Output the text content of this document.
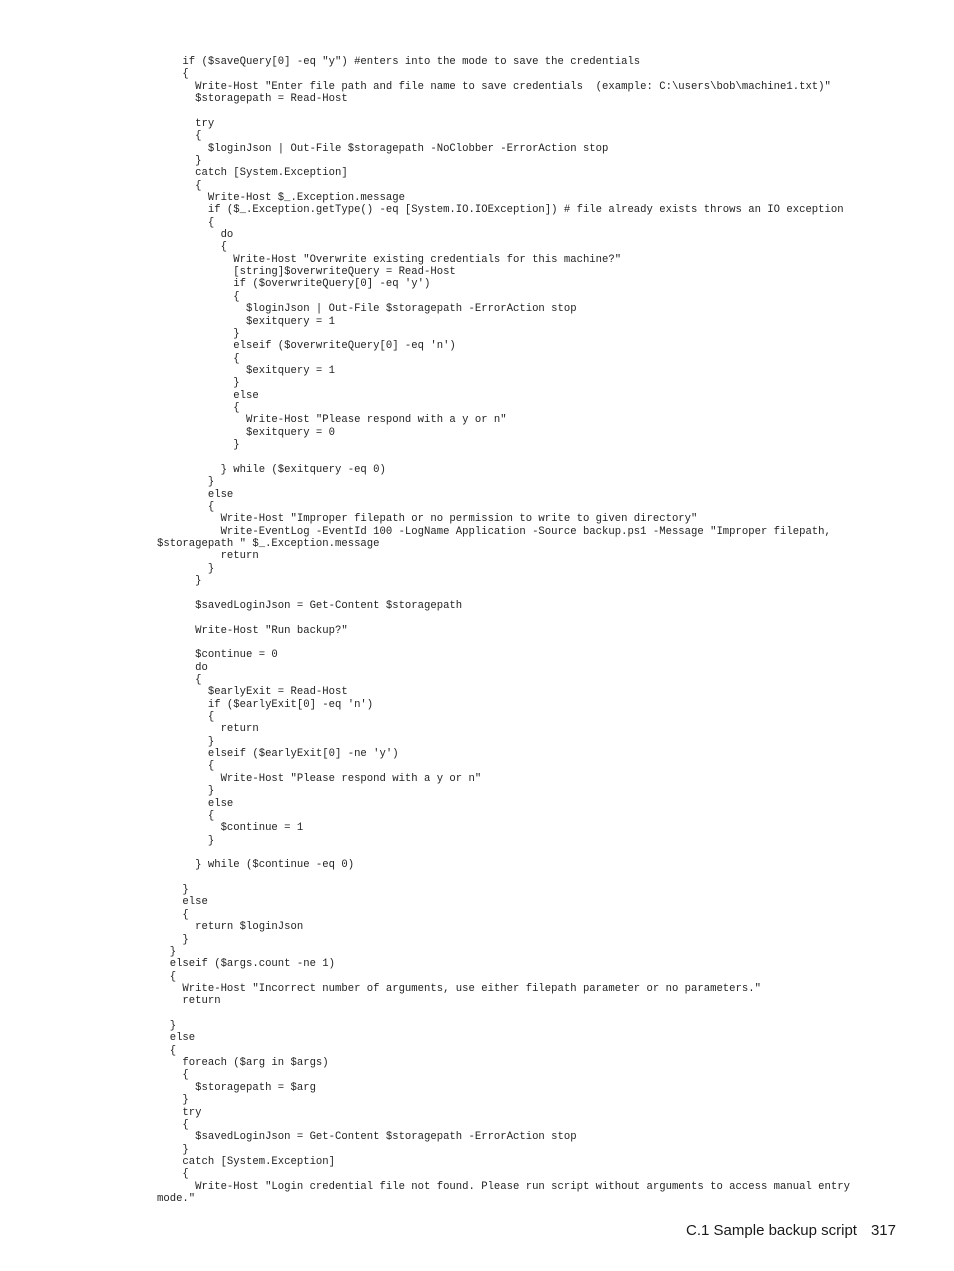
if ($saveQuery[0] -eq "y") #enters into the mode to save the credentials
{
Write-Host "Enter file path and file name to save credentials  (example: C:\users\bob\machine1.txt)"
$storagepath = Read-Host
try
{
$loginJson | Out-File $storagepath -NoClobber -ErrorAction stop
}
catch [System.Exception]
{
Write-Host $_.Exception.message
if ($_.Exception.getType() -eq [System.IO.IOException]) # file already exists throws an IO exception
{
do
{
Write-Host "Overwrite existing credentials for this machine?"
[string]$overwriteQuery = Read-Host
if ($overwriteQuery[0] -eq 'y')
{
$loginJson | Out-File $storagepath -ErrorAction stop
$exitquery = 1
}
elseif ($overwriteQuery[0] -eq 'n')
{
$exitquery = 1
}
else
{
Write-Host "Please respond with a y or n"
$exitquery = 0
}
} while ($exitquery -eq 0)
}
else
{
Write-Host "Improper filepath or no permission to write to given directory"
Write-EventLog -EventId 100 -LogName Application -Source backup.ps1 -Message "Improper filepath,
$storagepath " $_.Exception.message
return
}
}
$savedLoginJson = Get-Content $storagepath
Write-Host "Run backup?"
$continue = 0
do
{
$earlyExit = Read-Host
if ($earlyExit[0] -eq 'n')
{
return
}
elseif ($earlyExit[0] -ne 'y')
{
Write-Host "Please respond with a y or n"
}
else
{
$continue = 1
}
} while ($continue -eq 0)
}
else
{
return $loginJson
}
}
elseif ($args.count -ne 1)
{
Write-Host "Incorrect number of arguments, use either filepath parameter or no parameters."
return
}
else
{
foreach ($arg in $args)
{
$storagepath = $arg
}
try
{
$savedLoginJson = Get-Content $storagepath -ErrorAction stop
}
catch [System.Exception]
{
Write-Host "Login credential file not found. Please run script without arguments to access manual entry
mode."
C.1 Sample backup script 317
